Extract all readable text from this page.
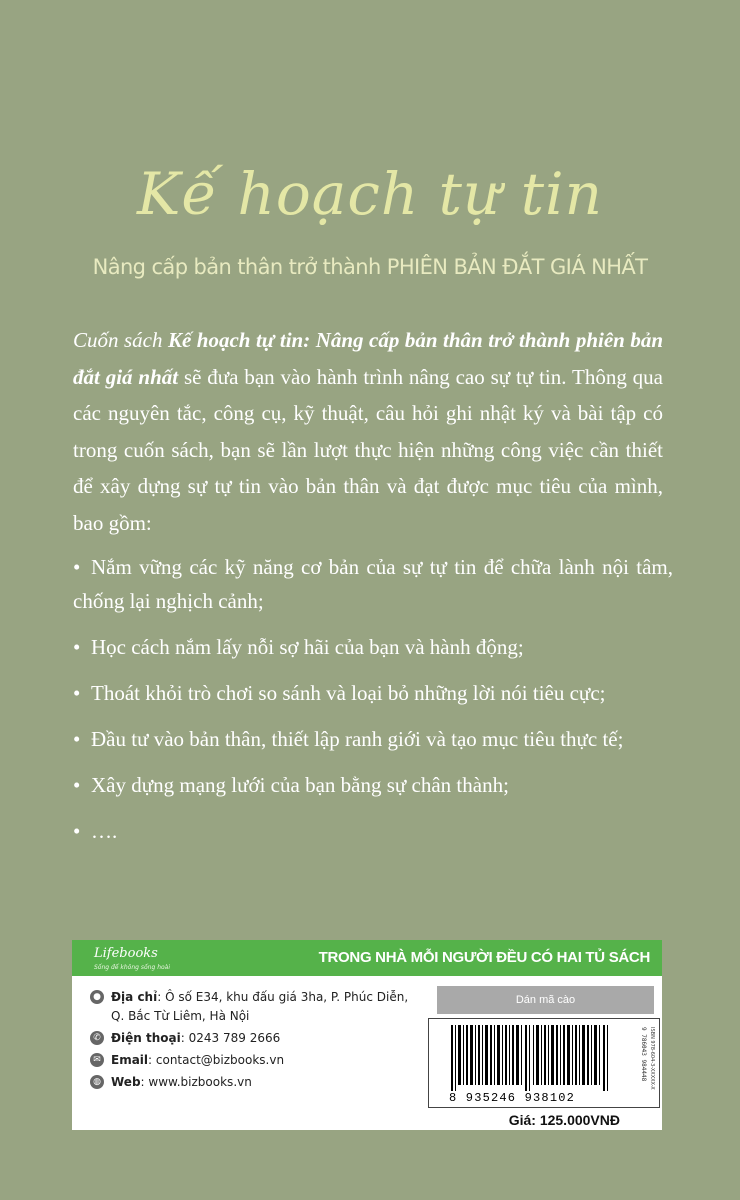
Kế hoạch tự tin
Nâng cấp bản thân trở thành PHIÊN BẢN ĐẮT GIÁ NHẤT

Cuốn sách Kế hoạch tự tin: Nâng cấp bản thân trở thành phiên bản đắt giá nhất sẽ đưa bạn vào hành trình nâng cao sự tự tin. Thông qua các nguyên tắc, công cụ, kỹ thuật, câu hỏi ghi nhật ký và bài tập có trong cuốn sách, bạn sẽ lần lượt thực hiện những công việc cần thiết để xây dựng sự tự tin vào bản thân và đạt được mục tiêu của mình, bao gồm:

• Nắm vững các kỹ năng cơ bản của sự tự tin để chữa lành nội tâm, chống lại nghịch cảnh;
• Học cách nắm lấy nỗi sợ hãi của bạn và hành động;
• Thoát khỏi trò chơi so sánh và loại bỏ những lời nói tiêu cực;
• Đầu tư vào bản thân, thiết lập ranh giới và tạo mục tiêu thực tế;
• Xây dựng mạng lưới của bạn bằng sự chân thành;
• ….
Lifebooks
Sống để không sống hoài
TRONG NHÀ MỖI NGƯỜI ĐỀU CÓ HAI TỦ SÁCH
● Địa chỉ: Ô số E34, khu đấu giá 3ha, P. Phúc Diễn, Q. Bắc Từ Liêm, Hà Nội
✆ Điện thoại: 0243 789 2666
✉ Email: contact@bizbooks.vn
◍ Web: www.bizbooks.vn
Dán mã cào
8 935246 938102
9 786043 984448 ISBN 978-604-3-XXXXX-X
Giá: 125.000VNĐ
